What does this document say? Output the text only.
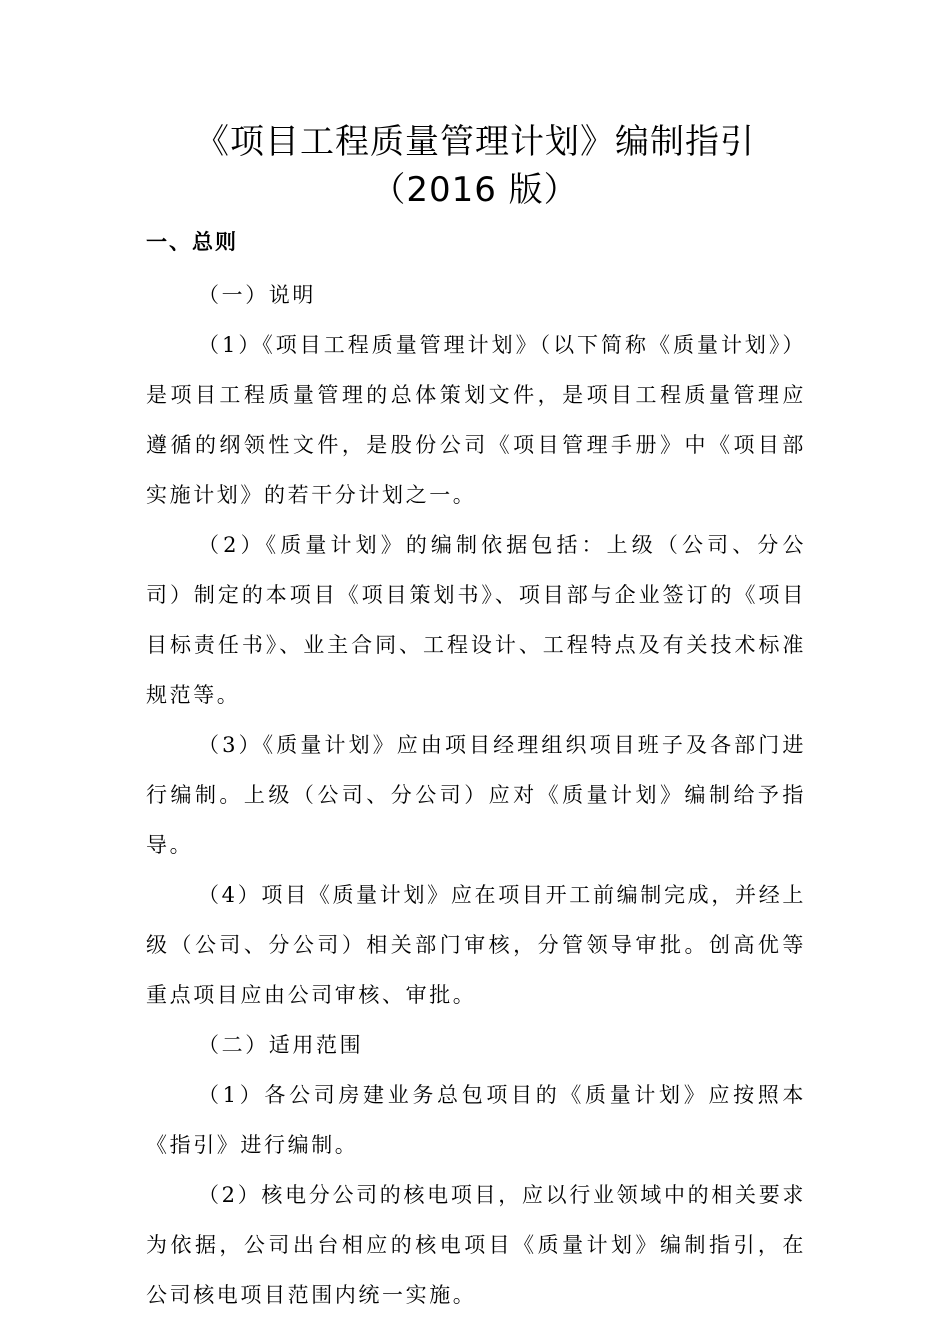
《项目工程质量管理计划》编制指引
（2016 版）
一、总则

（一）说明

（1）《项目工程质量管理计划》（以下简称《质量计划》）是项目工程质量管理的总体策划文件，是项目工程质量管理应遵循的纲领性文件，是股份公司《项目管理手册》中《项目部实施计划》的若干分计划之一。

（2）《质量计划》的编制依据包括：上级（公司、分公司）制定的本项目《项目策划书》、项目部与企业签订的《项目目标责任书》、业主合同、工程设计、工程特点及有关技术标准规范等。

（3）《质量计划》应由项目经理组织项目班子及各部门进行编制。上级（公司、分公司）应对《质量计划》编制给予指导。

（4）项目《质量计划》应在项目开工前编制完成，并经上级（公司、分公司）相关部门审核，分管领导审批。创高优等重点项目应由公司审核、审批。

（二）适用范围

（1）各公司房建业务总包项目的《质量计划》应按照本《指引》进行编制。

（2）核电分公司的核电项目，应以行业领域中的相关要求为依据，公司出台相应的核电项目《质量计划》编制指引，在公司核电项目范围内统一实施。
